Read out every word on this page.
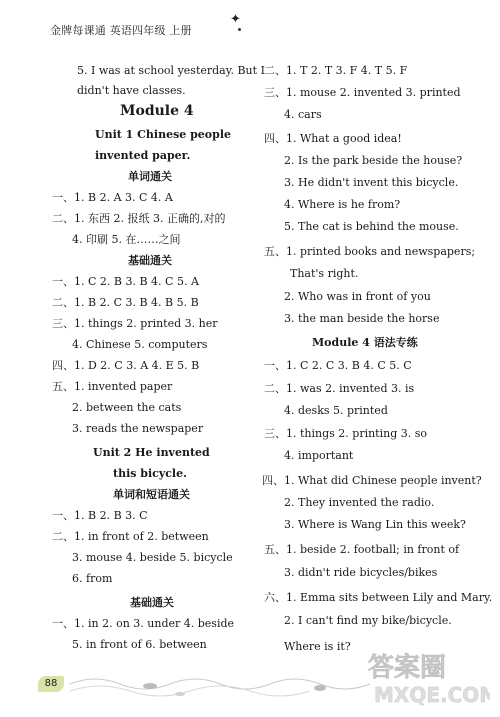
金牌每课通 英语四年级 上册
✦
88
答案圈
MXQE.COM
5. I was at school yesterday. But I
didn't have classes.
Module 4
Unit 1 Chinese people
invented paper.
单词通关
一、1. B 2. A 3. C 4. A
二、1. 东西 2. 报纸 3. 正确的,对的
4. 印刷 5. 在……之间
基础通关
一、1. C 2. B 3. B 4. C 5. A
二、1. B 2. C 3. B 4. B 5. B
三、1. things 2. printed 3. her
4. Chinese 5. computers
四、1. D 2. C 3. A 4. E 5. B
五、1. invented paper
2. between the cats
3. reads the newspaper
Unit 2 He invented
this bicycle.
单词和短语通关
一、1. B 2. B 3. C
二、1. in front of 2. between
3. mouse 4. beside 5. bicycle
6. from
基础通关
一、1. in 2. on 3. under 4. beside
5. in front of 6. between
二、1. T 2. T 3. F 4. T 5. F
三、1. mouse 2. invented 3. printed
4. cars
四、1. What a good idea!
2. Is the park beside the house?
3. He didn't invent this bicycle.
4. Where is he from?
5. The cat is behind the mouse.
五、1. printed books and newspapers;
That's right.
2. Who was in front of you
3. the man beside the horse
Module 4 语法专练
一、1. C 2. C 3. B 4. C 5. C
二、1. was 2. invented 3. is
4. desks 5. printed
三、1. things 2. printing 3. so
4. important
四、1. What did Chinese people invent?
2. They invented the radio.
3. Where is Wang Lin this week?
五、1. beside 2. football; in front of
3. didn't ride bicycles/bikes
六、1. Emma sits between Lily and Mary.
2. I can't find my bike/bicycle.
Where is it?
